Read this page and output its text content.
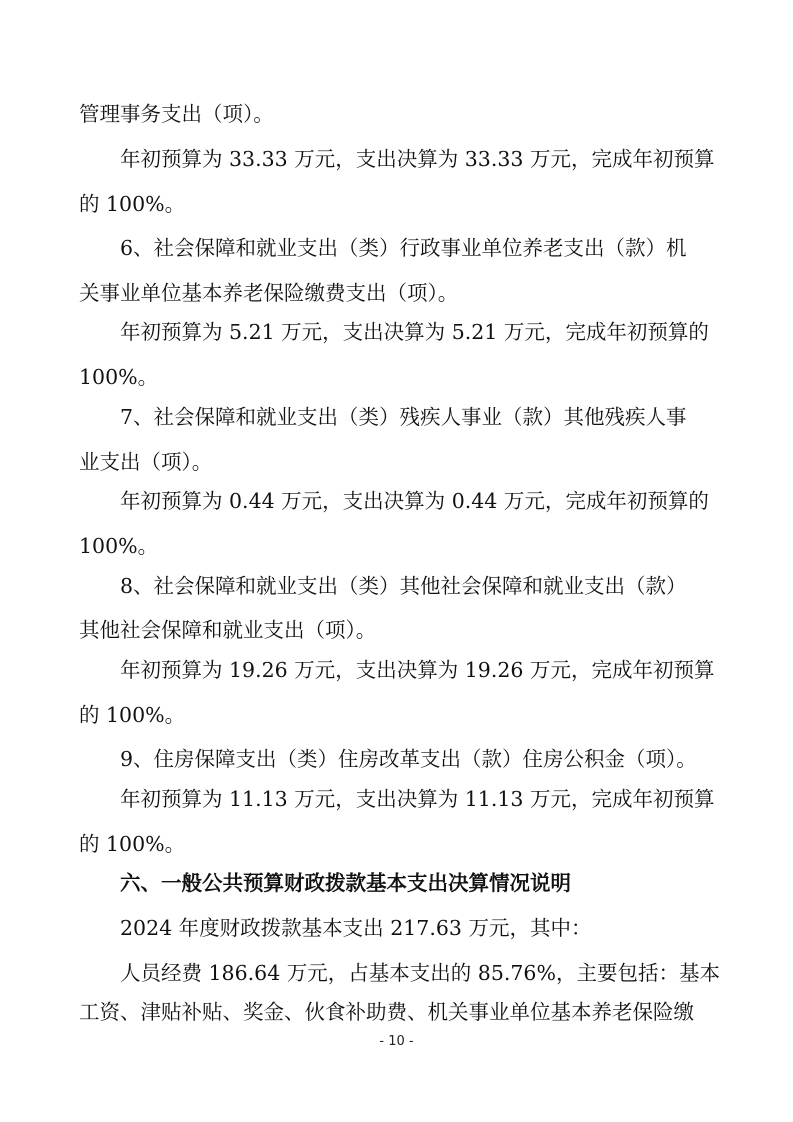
管理事务支出（项）。

年初预算为 33.33 万元，支出决算为 33.33 万元，完成年初预算

的 100%。

6、社会保障和就业支出（类）行政事业单位养老支出（款）机

关事业单位基本养老保险缴费支出（项）。

年初预算为 5.21 万元，支出决算为 5.21 万元，完成年初预算的

100%。

7、社会保障和就业支出（类）残疾人事业（款）其他残疾人事

业支出（项）。

年初预算为 0.44 万元，支出决算为 0.44 万元，完成年初预算的

100%。

8、社会保障和就业支出（类）其他社会保障和就业支出（款）

其他社会保障和就业支出（项）。

年初预算为 19.26 万元，支出决算为 19.26 万元，完成年初预算

的 100%。

9、住房保障支出（类）住房改革支出（款）住房公积金（项）。

年初预算为 11.13 万元，支出决算为 11.13 万元，完成年初预算

的 100%。

六、一般公共预算财政拨款基本支出决算情况说明

2024 年度财政拨款基本支出 217.63 万元，其中：

人员经费 186.64 万元，占基本支出的 85.76%，主要包括：基本

工资、津贴补贴、奖金、伙食补助费、机关事业单位基本养老保险缴

- 10 -
